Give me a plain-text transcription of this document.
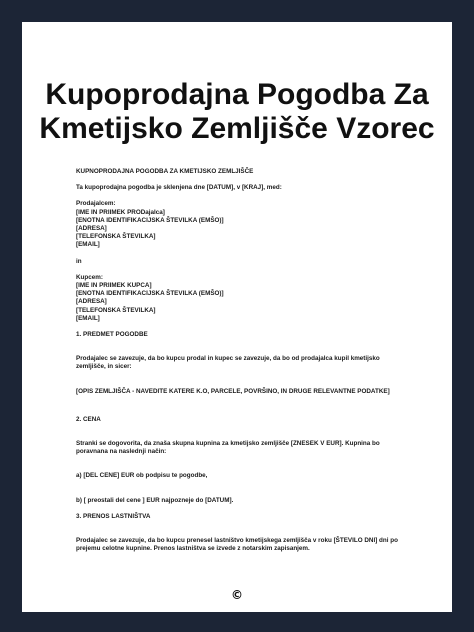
Kupoprodajna Pogodba Za
Kmetijsko Zemljišče Vzorec

KUPNOPRODAJNA POGODBA ZA KMETIJSKO ZEMLJIŠČE

Ta kupoprodajna pogodba je sklenjena dne [DATUM], v [KRAJ], med:

Prodajalcem:

[IME IN PRIIMEK PRODajalca]

[ENOTNA IDENTIFIKACIJSKA ŠTEVILKA (EMŠO)]

[ADRESA]

[TELEFONSKA ŠTEVILKA]

[EMAIL]

in

Kupcem:

[IME IN PRIIMEK KUPCA]

[ENOTNA IDENTIFIKACIJSKA ŠTEVILKA (EMŠO)]

[ADRESA]

[TELEFONSKA ŠTEVILKA]

[EMAIL]

1. PREDMET POGODBE

Prodajalec se zavezuje, da bo kupcu prodal in kupec se zavezuje, da bo od prodajalca kupil kmetijsko

zemljišče, in sicer:

[OPIS ZEMLJIŠČA - NAVEDITE KATERE K.O, PARCELE, POVRŠINO, IN DRUGE RELEVANTNE PODATKE]

2. CENA

Stranki se dogovorita, da znaša skupna kupnina za kmetijsko zemljišče [ZNESEK V EUR]. Kupnina bo

poravnana na naslednji način:

a) [DEL CENE] EUR ob podpisu te pogodbe,

b) [ preostali del cene ] EUR najpozneje do [DATUM].

3. PRENOS LASTNIŠTVA

Prodajalec se zavezuje, da bo kupcu prenesel lastništvo kmetijskega zemljišča v roku [ŠTEVILO DNI] dni po

prejemu celotne kupnine. Prenos lastništva se izvede z notarskim zapisanjem.

©
